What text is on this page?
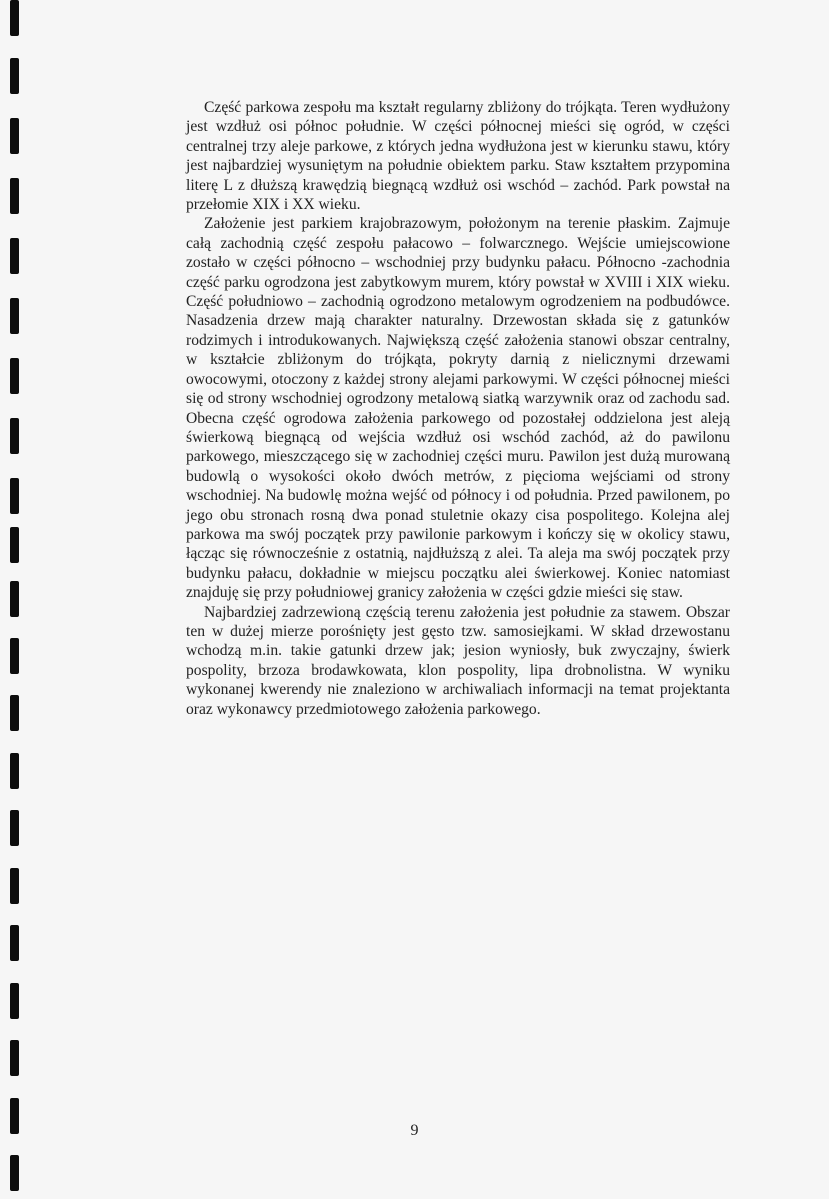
Część parkowa zespołu ma kształt regularny zbliżony do trójkąta. Teren wydłużony jest wzdłuż osi północ południe. W części północnej mieści się ogród, w części centralnej trzy aleje parkowe, z których jedna wydłużona jest w kierunku stawu, który jest najbardziej wysuniętym na południe obiektem parku. Staw kształtem przypomina literę L z dłuższą krawędzią biegnącą wzdłuż osi wschód – zachód. Park powstał na przełomie XIX i XX wieku.

Założenie jest parkiem krajobrazowym, położonym na terenie płaskim. Zajmuje całą zachodnią część zespołu pałacowo – folwarcznego. Wejście umiejscowione zostało w części północno – wschodniej przy budynku pałacu. Północno -zachodnia część parku ogrodzona jest zabytkowym murem, który powstał w XVIII i XIX wieku. Część południowo – zachodnią ogrodzono metalowym ogrodzeniem na podbudówce. Nasadzenia drzew mają charakter naturalny. Drzewostan składa się z gatunków rodzimych i introdukowanych. Największą część założenia stanowi obszar centralny, w kształcie zbliżonym do trójkąta, pokryty darnią z nielicznymi drzewami owocowymi, otoczony z każdej strony alejami parkowymi. W części północnej mieści się od strony wschodniej ogrodzony metalową siatką warzywnik oraz od zachodu sad. Obecna część ogrodowa założenia parkowego od pozostałej oddzielona jest aleją świerkową biegnącą od wejścia wzdłuż osi wschód zachód, aż do pawilonu parkowego, mieszczącego się w zachodniej części muru. Pawilon jest dużą murowaną budowlą o wysokości około dwóch metrów, z pięcioma wejściami od strony wschodniej. Na budowlę można wejść od północy i od południa. Przed pawilonem, po jego obu stronach rosną dwa ponad stuletnie okazy cisa pospolitego. Kolejna alej parkowa ma swój początek przy pawilonie parkowym i kończy się w okolicy stawu, łącząc się równocześnie z ostatnią, najdłuższą z alei. Ta aleja ma swój początek przy budynku pałacu, dokładnie w miejscu początku alei świerkowej. Koniec natomiast znajduję się przy południowej granicy założenia w części gdzie mieści się staw.

Najbardziej zadrzewioną częścią terenu założenia jest południe za stawem. Obszar ten w dużej mierze porośnięty jest gęsto tzw. samosiejkami. W skład drzewostanu wchodzą m.in. takie gatunki drzew jak; jesion wyniosły, buk zwyczajny, świerk pospolity, brzoza brodawkowata, klon pospolity, lipa drobnolistna. W wyniku wykonanej kwerendy nie znaleziono w archiwaliach informacji na temat projektanta oraz wykonawcy przedmiotowego założenia parkowego.

9
